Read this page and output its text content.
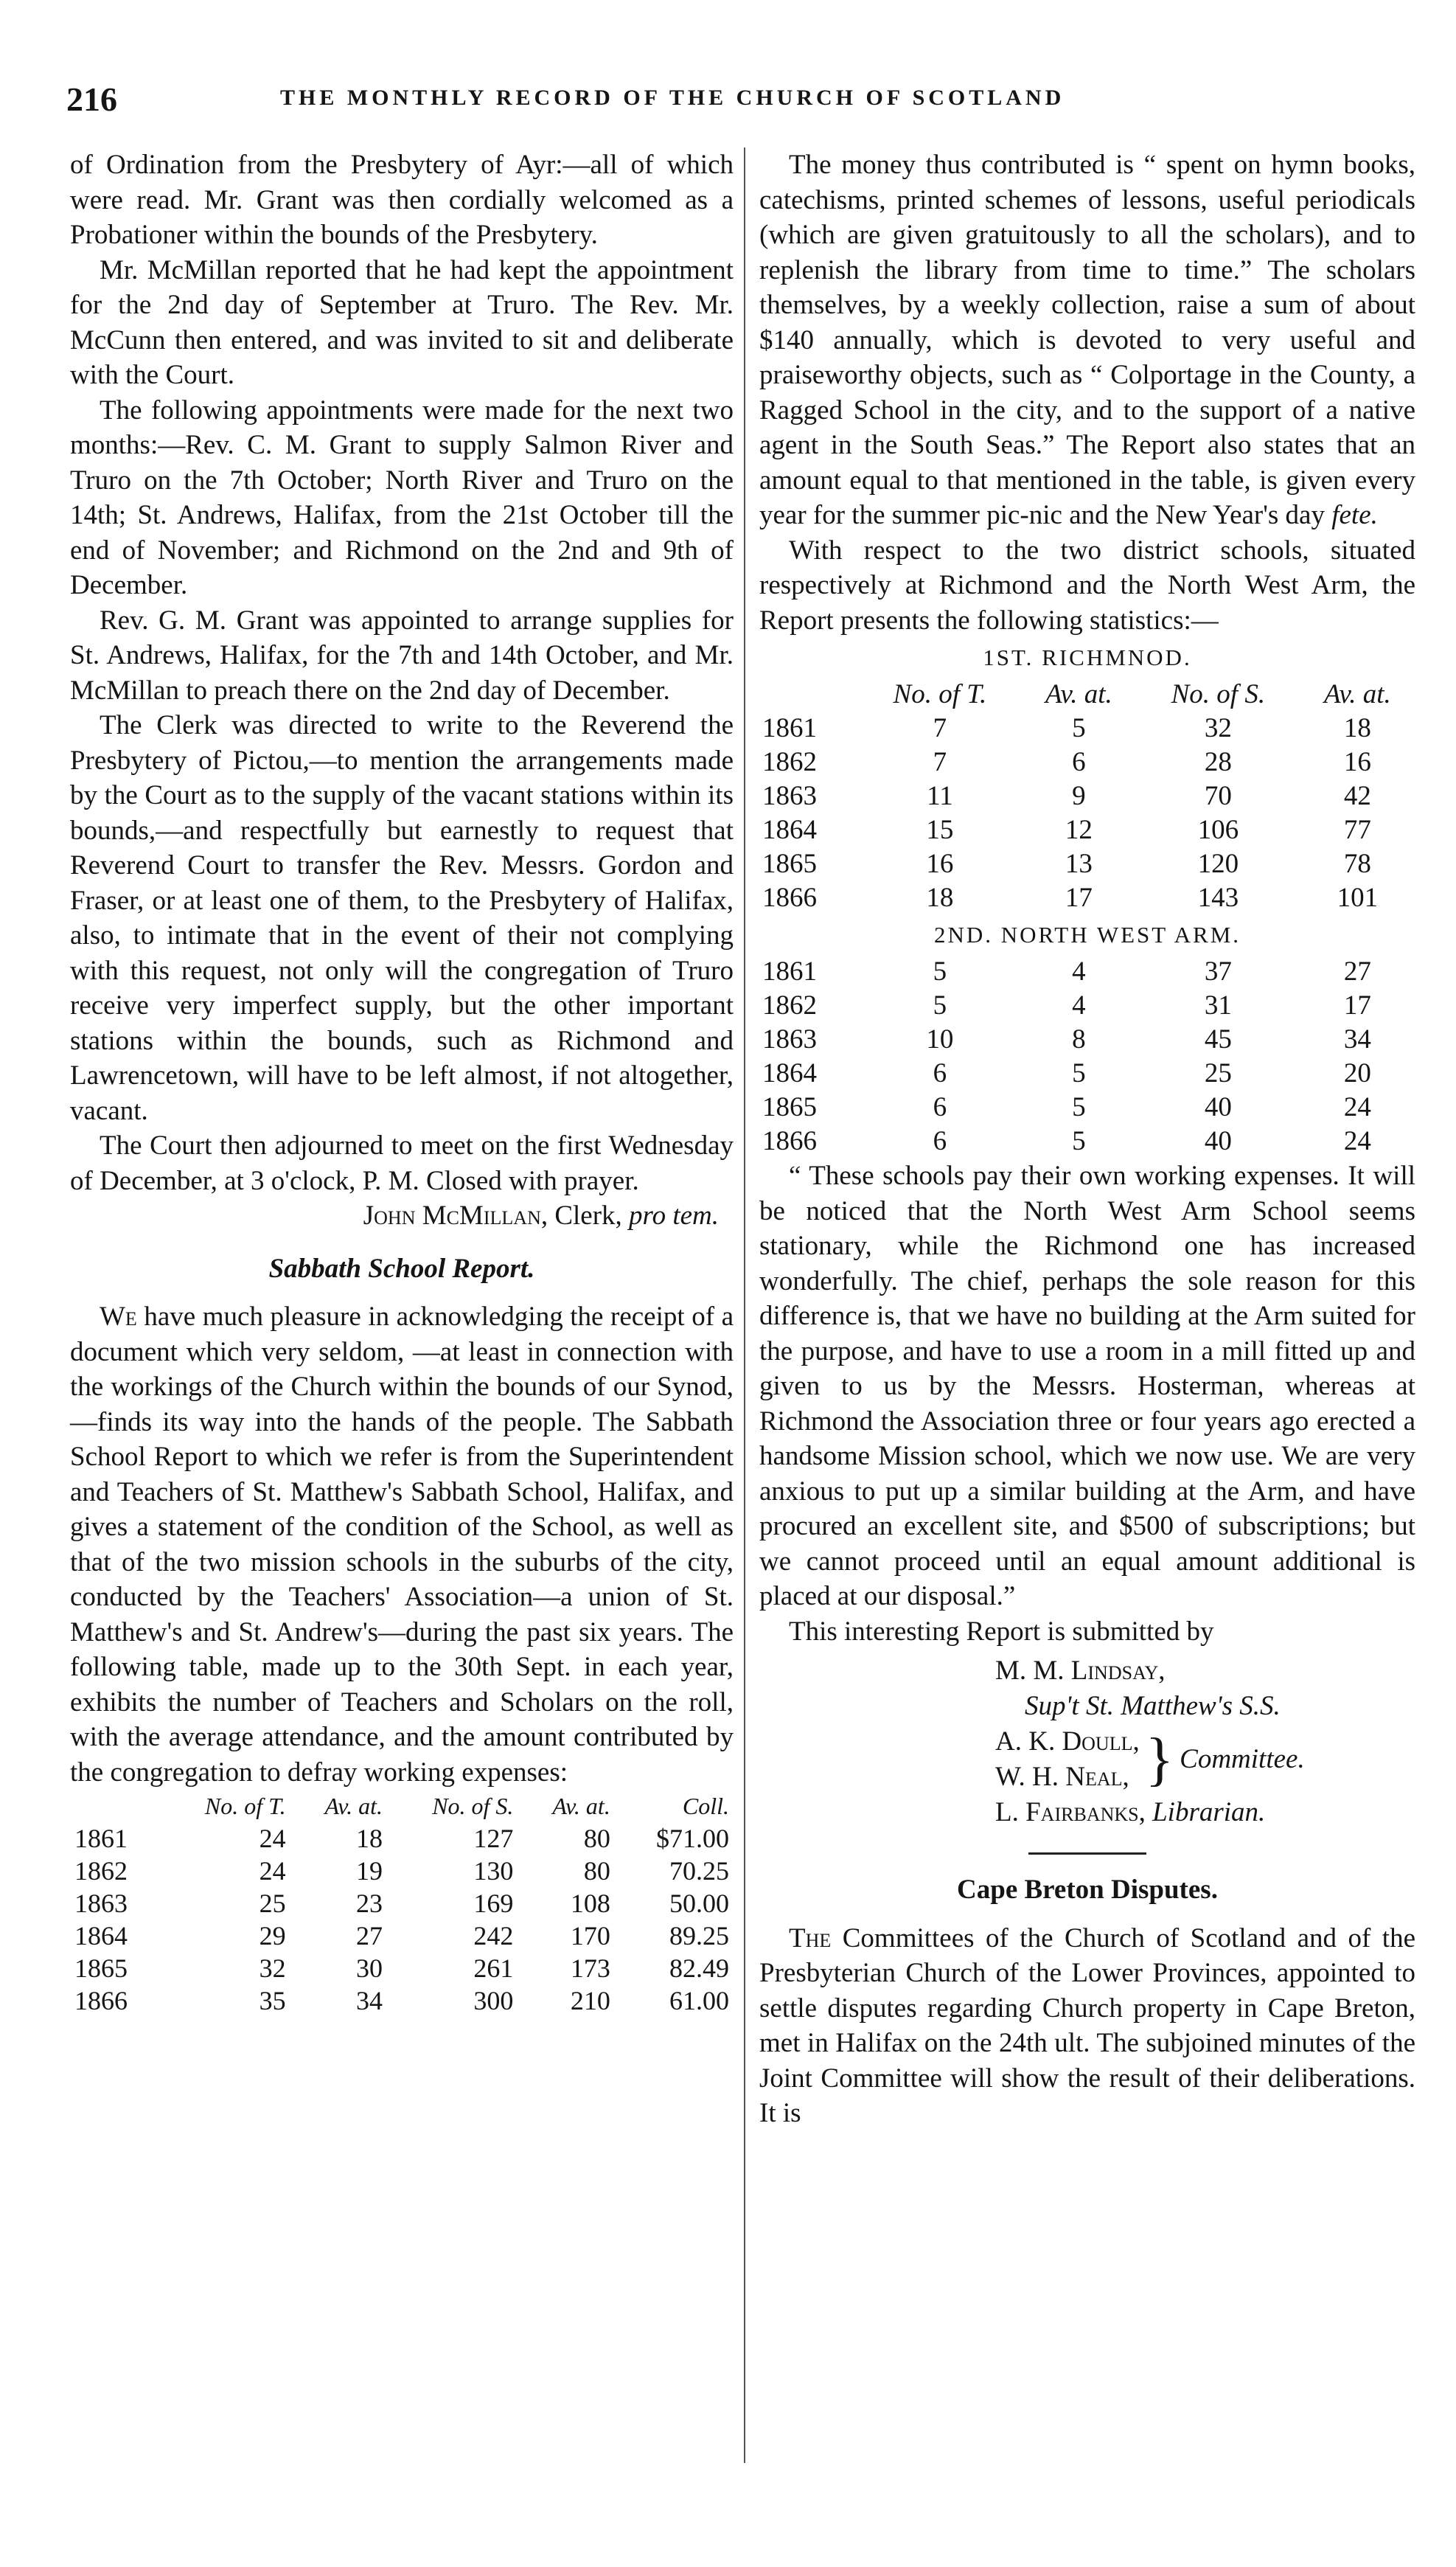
216	THE MONTHLY RECORD OF THE CHURCH OF SCOTLAND

of Ordination from the Presbytery of Ayr:—all of which were read. Mr. Grant was then cordially welcomed as a Probationer within the bounds of the Presbytery.

Mr. McMillan reported that he had kept the appointment for the 2nd day of September at Truro. The Rev. Mr. McCunn then entered, and was invited to sit and deliberate with the Court.

The following appointments were made for the next two months:—Rev. C. M. Grant to supply Salmon River and Truro on the 7th October; North River and Truro on the 14th; St. Andrews, Halifax, from the 21st October till the end of November; and Richmond on the 2nd and 9th of December.

Rev. G. M. Grant was appointed to arrange supplies for St. Andrews, Halifax, for the 7th and 14th October, and Mr. McMillan to preach there on the 2nd day of December.

The Clerk was directed to write to the Reverend the Presbytery of Pictou,—to mention the arrangements made by the Court as to the supply of the vacant stations within its bounds,—and respectfully but earnestly to request that Reverend Court to transfer the Rev. Messrs. Gordon and Fraser, or at least one of them, to the Presbytery of Halifax, also, to intimate that in the event of their not complying with this request, not only will the congregation of Truro receive very imperfect supply, but the other important stations within the bounds, such as Richmond and Lawrencetown, will have to be left almost, if not altogether, vacant.

The Court then adjourned to meet on the first Wednesday of December, at 3 o'clock, P. M. Closed with prayer.

John McMillan, Clerk, pro tem.

Sabbath School Report.

We have much pleasure in acknowledging the receipt of a document which very seldom, —at least in connection with the workings of the Church within the bounds of our Synod,—finds its way into the hands of the people. The Sabbath School Report to which we refer is from the Superintendent and Teachers of St. Matthew's Sabbath School, Halifax, and gives a statement of the condition of the School, as well as that of the two mission schools in the suburbs of the city, conducted by the Teachers' Association—a union of St. Matthew's and St. Andrew's—during the past six years. The following table, made up to the 30th Sept. in each year, exhibits the number of Teachers and Scholars on the roll, with the average attendance, and the amount contributed by the congregation to defray working expenses:

	No. of T.	Av. at.	No. of S.	Av. at.	Coll.
1861	24	18	127	80	$71.00
1862	24	19	130	80	70.25
1863	25	23	169	108	50.00
1864	29	27	242	170	89.25
1865	32	30	261	173	82.49
1866	35	34	300	210	61.00

The money thus contributed is “ spent on hymn books, catechisms, printed schemes of lessons, useful periodicals (which are given gratuitously to all the scholars), and to replenish the library from time to time.” The scholars themselves, by a weekly collection, raise a sum of about $140 annually, which is devoted to very useful and praiseworthy objects, such as “ Colportage in the County, a Ragged School in the city, and to the support of a native agent in the South Seas.” The Report also states that an amount equal to that mentioned in the table, is given every year for the summer pic-nic and the New Year's day fete.

With respect to the two district schools, situated respectively at Richmond and the North West Arm, the Report presents the following statistics:—

1ST. RICHMNOD.				
	No. of T.	Av. at.	No. of S.	Av. at.
1861	7	5	32	18
1862	7	6	28	16
1863	11	9	70	42
1864	15	12	106	77
1865	16	13	120	78
1866	18	17	143	101
2ND. NORTH WEST ARM.				
1861	5	4	37	27
1862	5	4	31	17
1863	10	8	45	34
1864	6	5	25	20
1865	6	5	40	24
1866	6	5	40	24

“ These schools pay their own working expenses. It will be noticed that the North West Arm School seems stationary, while the Richmond one has increased wonderfully. The chief, perhaps the sole reason for this difference is, that we have no building at the Arm suited for the purpose, and have to use a room in a mill fitted up and given to us by the Messrs. Hosterman, whereas at Richmond the Association three or four years ago erected a handsome Mission school, which we now use. We are very anxious to put up a similar building at the Arm, and have procured an excellent site, and $500 of subscriptions; but we cannot proceed until an equal amount additional is placed at our disposal.”

This interesting Report is submitted by

M. M. Lindsay,
Sup't St. Matthew's S.S.
A. K. Doull,
W. H. Neal, } Committee.
L. Fairbanks,
Librarian.
Cape Breton Disputes.

The Committees of the Church of Scotland and of the Presbyterian Church of the Lower Provinces, appointed to settle disputes regarding Church property in Cape Breton, met in Halifax on the 24th ult. The subjoined minutes of the Joint Committee will show the result of their deliberations. It is
